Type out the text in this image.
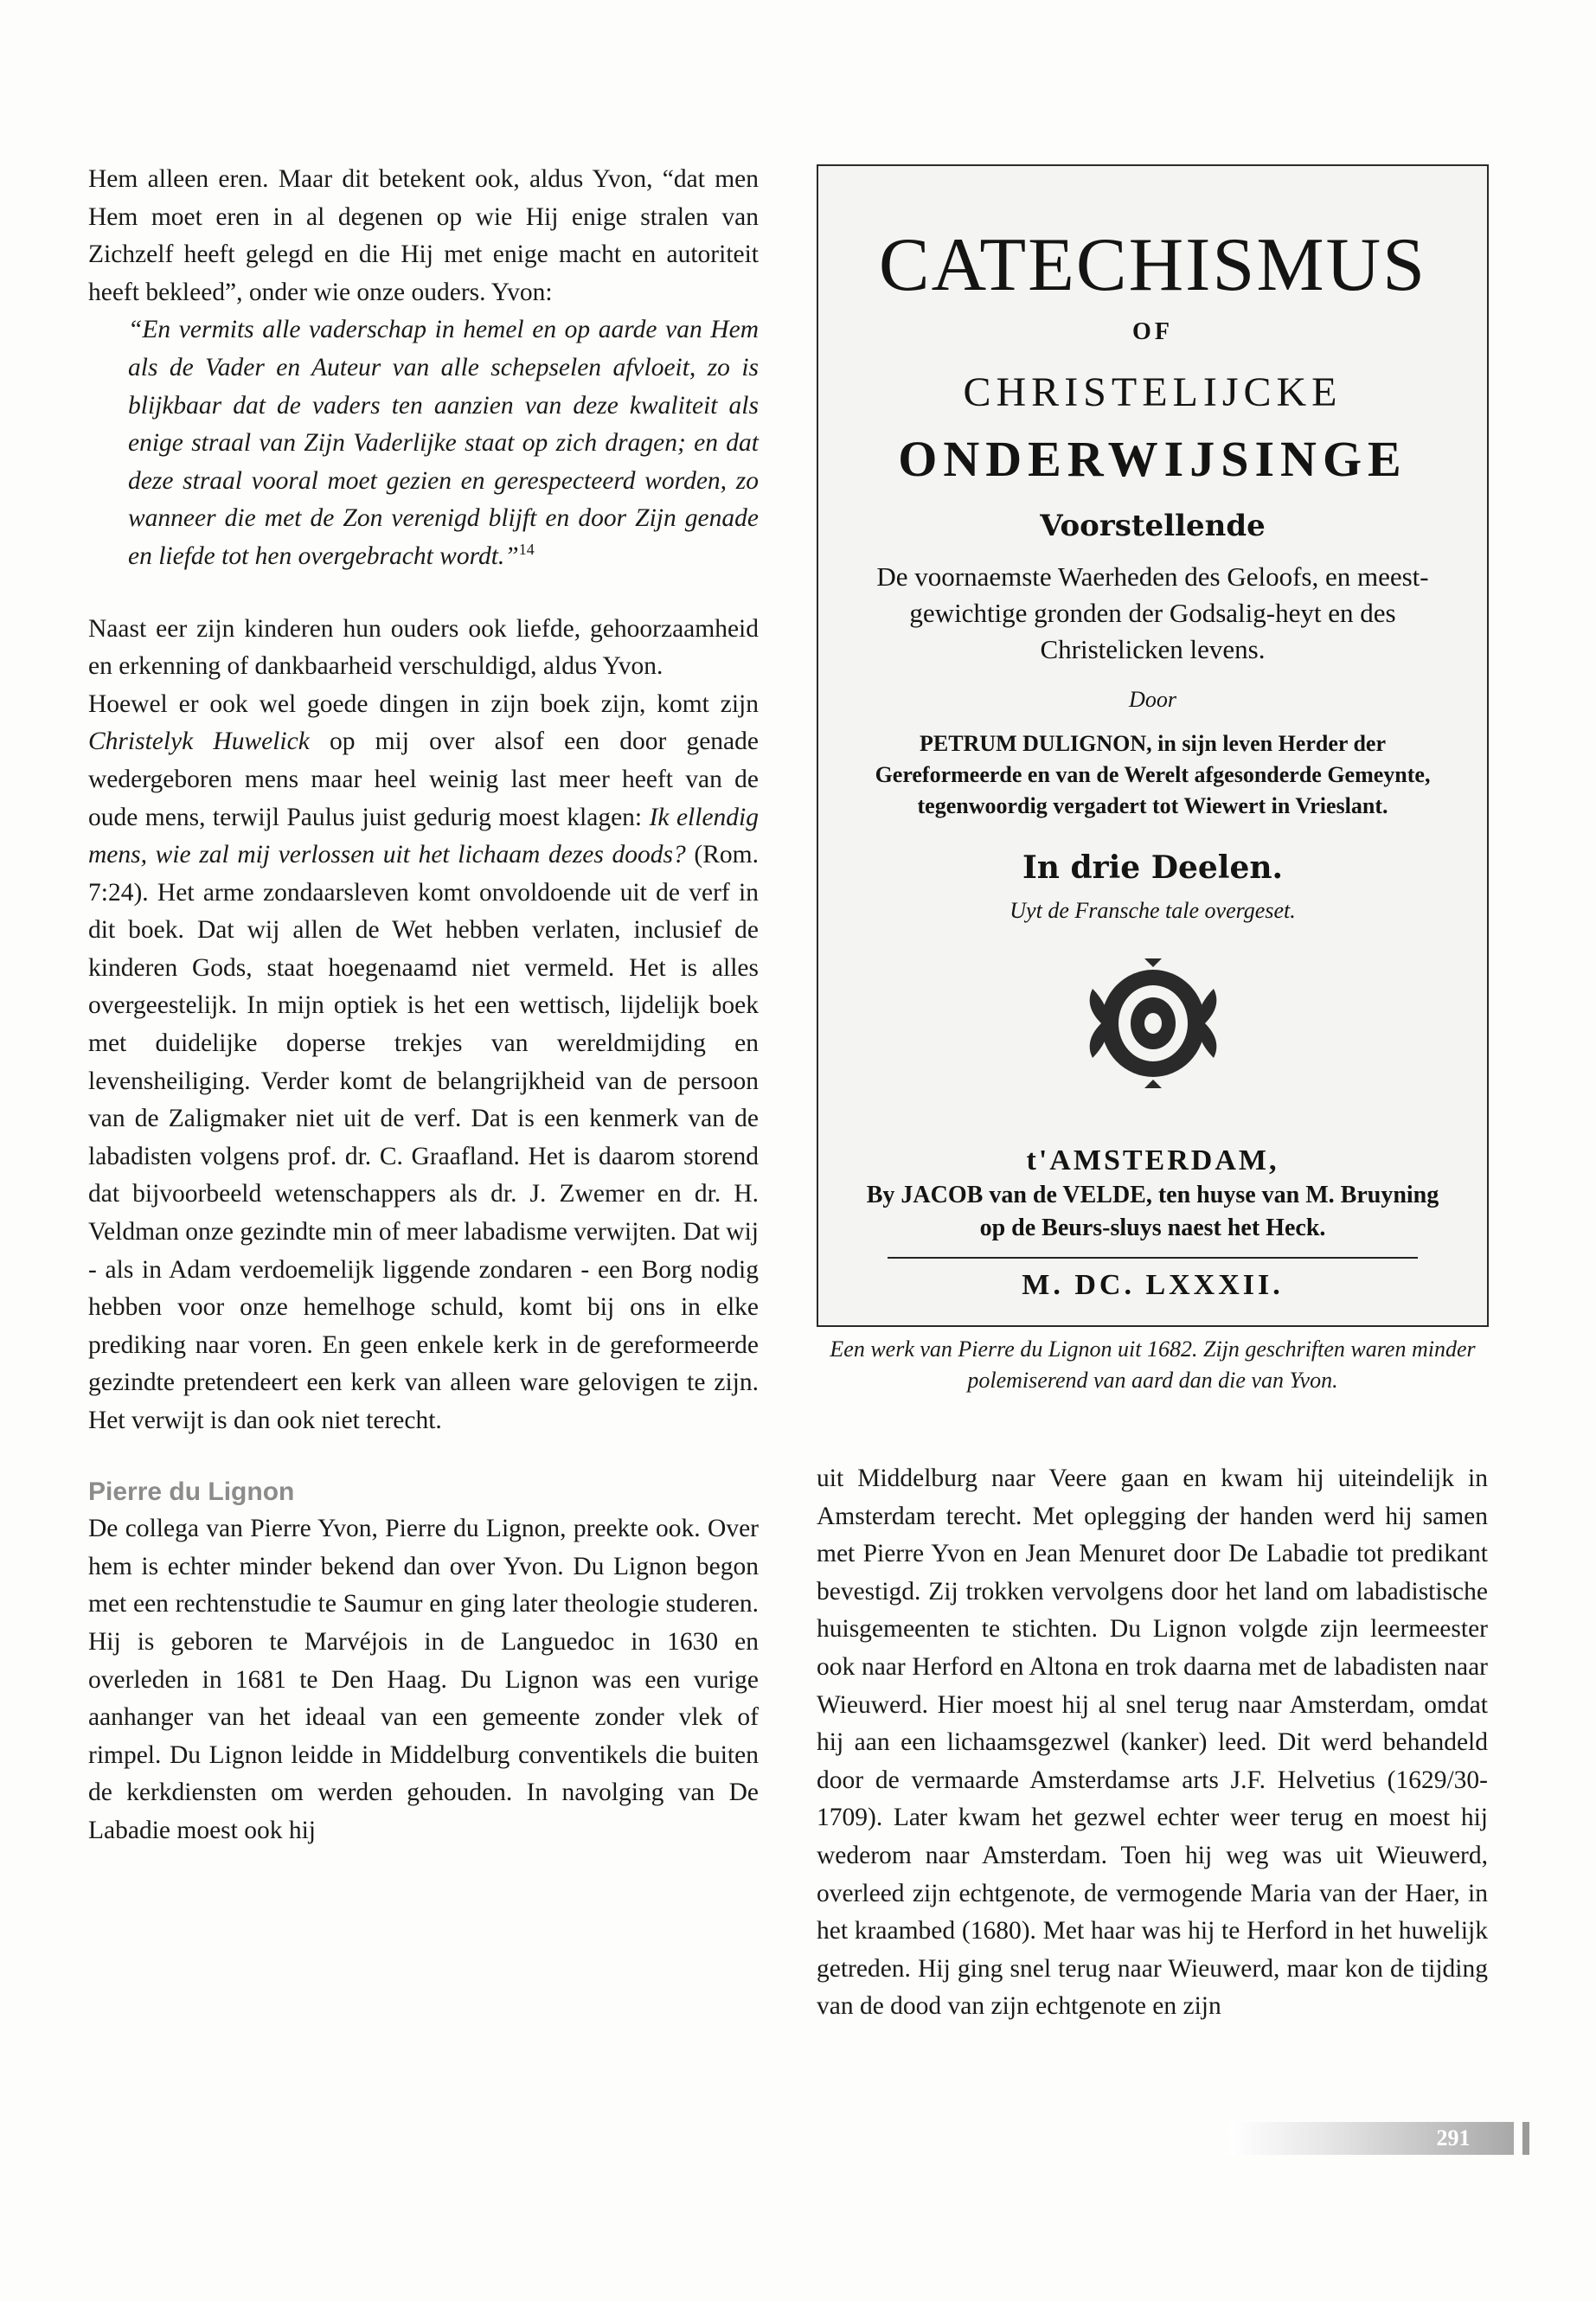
Hem alleen eren. Maar dit betekent ook, aldus Yvon, “dat men Hem moet eren in al degenen op wie Hij enige stralen van Zichzelf heeft gelegd en die Hij met enige macht en autoriteit heeft bekleed”, onder wie onze ouders. Yvon:

“En vermits alle vaderschap in hemel en op aarde van Hem als de Vader en Auteur van alle schepselen afvloeit, zo is blijkbaar dat de vaders ten aanzien van deze kwaliteit als enige straal van Zijn Vaderlijke staat op zich dragen; en dat deze straal vooral moet gezien en gerespecteerd worden, zo wanneer die met de Zon verenigd blijft en door Zijn genade en liefde tot hen overgebracht wordt.”$^{14}$

Naast eer zijn kinderen hun ouders ook liefde, gehoorzaamheid en erkenning of dankbaarheid verschuldigd, aldus Yvon.

Hoewel er ook wel goede dingen in zijn boek zijn, komt zijn Christelyk Huwelick op mij over alsof een door genade wedergeboren mens maar heel weinig last meer heeft van de oude mens, terwijl Paulus juist gedurig moest klagen: Ik ellendig mens, wie zal mij verlossen uit het lichaam dezes doods? (Rom. 7:24). Het arme zondaarsleven komt onvoldoende uit de verf in dit boek. Dat wij allen de Wet hebben verlaten, inclusief de kinderen Gods, staat hoegenaamd niet vermeld. Het is alles overgeestelijk. In mijn optiek is het een wettisch, lijdelijk boek met duidelijke doperse trekjes van wereldmijding en levensheiliging. Verder komt de belangrijkheid van de persoon van de Zaligmaker niet uit de verf. Dat is een kenmerk van de labadisten volgens prof. dr. C. Graafland. Het is daarom storend dat bijvoorbeeld wetenschappers als dr. J. Zwemer en dr. H. Veldman onze gezindte min of meer labadisme verwijten. Dat wij - als in Adam verdoemelijk liggende zondaren - een Borg nodig hebben voor onze hemelhoge schuld, komt bij ons in elke prediking naar voren. En geen enkele kerk in de gereformeerde gezindte pretendeert een kerk van alleen ware gelovigen te zijn. Het verwijt is dan ook niet terecht.

Pierre du Lignon

De collega van Pierre Yvon, Pierre du Lignon, preekte ook. Over hem is echter minder bekend dan over Yvon. Du Lignon begon met een rechtenstudie te Saumur en ging later theologie studeren. Hij is geboren te Marvéjois in de Languedoc in 1630 en overleden in 1681 te Den Haag. Du Lignon was een vurige aanhanger van het ideaal van een gemeente zonder vlek of rimpel. Du Lignon leidde in Middelburg conventikels die buiten de kerkdiensten om werden gehouden. In navolging van De Labadie moest ook hij

CATECHISMUS
OF
CHRISTELIJCKE
ONDERWIJSINGE
Voorstellende
De voornaemste Waerheden des Geloofs, en meest-gewichtige gronden der Godsalig-heyt en des Christelicken levens.
Door
PETRUM DULIGNON, in sijn leven Herder der Gereformeerde en van de Werelt afgesonderde Gemeynte, tegenwoordig vergadert tot Wiewert in Vrieslant.
In drie Deelen.
Uyt de Fransche tale overgeset.
t'AMSTERDAM,
By JACOB van de VELDE, ten huyse van M. Bruyning op de Beurs-sluys naest het Heck.
M. DC. LXXXII.
Een werk van Pierre du Lignon uit 1682. Zijn geschriften waren minder polemiserend van aard dan die van Yvon.

uit Middelburg naar Veere gaan en kwam hij uiteindelijk in Amsterdam terecht. Met oplegging der handen werd hij samen met Pierre Yvon en Jean Menuret door De Labadie tot predikant bevestigd. Zij trokken vervolgens door het land om labadistische huisgemeenten te stichten. Du Lignon volgde zijn leermeester ook naar Herford en Altona en trok daarna met de labadisten naar Wieuwerd. Hier moest hij al snel terug naar Amsterdam, omdat hij aan een lichaamsgezwel (kanker) leed. Dit werd behandeld door de vermaarde Amsterdamse arts J.F. Helvetius (1629/30-1709). Later kwam het gezwel echter weer terug en moest hij wederom naar Amsterdam. Toen hij weg was uit Wieuwerd, overleed zijn echtgenote, de vermogende Maria van der Haer, in het kraambed (1680). Met haar was hij te Herford in het huwelijk getreden. Hij ging snel terug naar Wieuwerd, maar kon de tijding van de dood van zijn echtgenote en zijn

291
